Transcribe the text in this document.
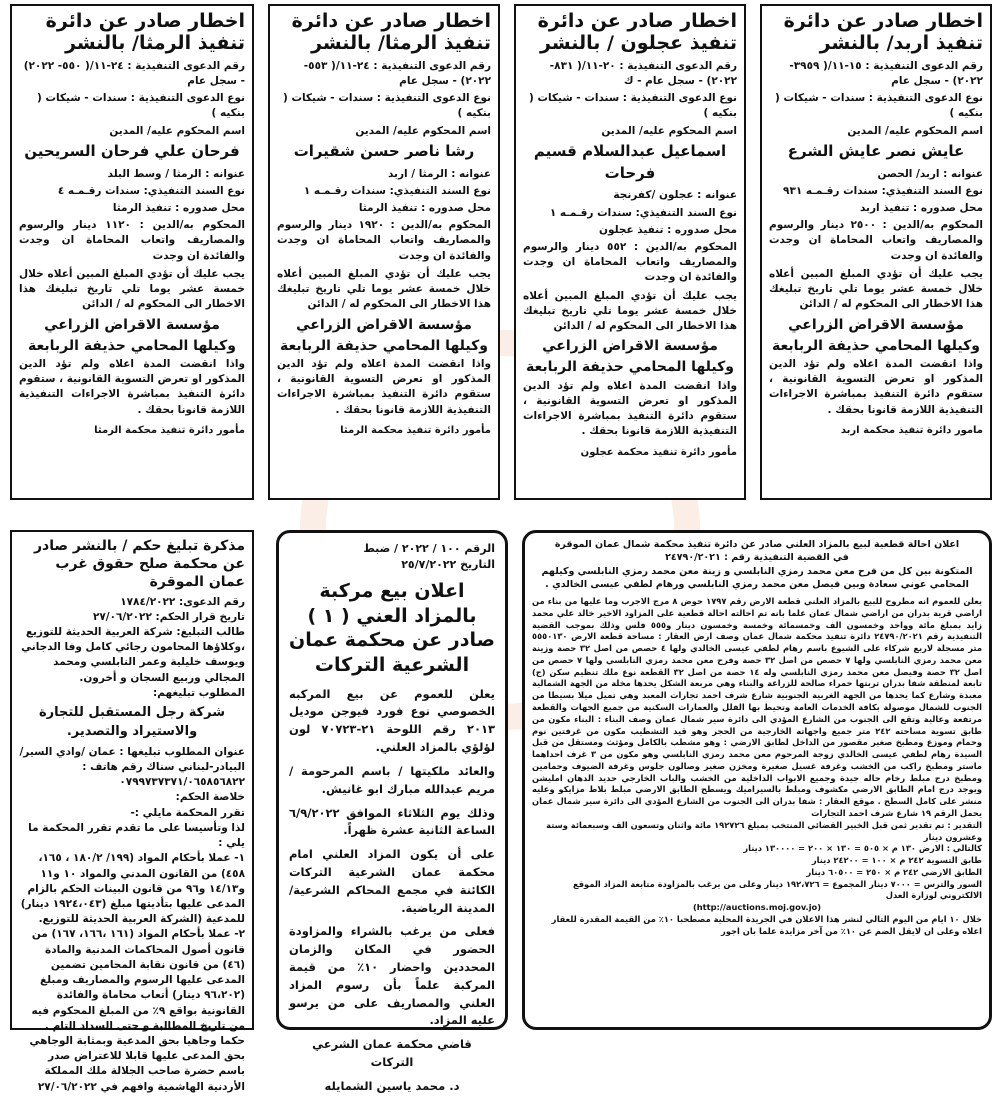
اخطار صادر عن دائرة تنفيذ اربد/ بالنشر
رقم الدعوى التنفيذية : ١٥-١١/( ٣٩٥٩- ٢٠٢٢) - سجل عام
نوع الدعوى التنفيذية : سندات - شيكات ( بنكيه )
اسم المحكوم عليه/ المدين
عايش نصر عايش الشرع
عنوانه : اربد/ الحصن
نوع السند التنفيذي: سندات رقـمـه ٩٣١
محل صدوره : تنفيذ اربد
المحكوم به/الدين : ٢٥٠٠ دينار والرسوم والمصاريف واتعاب المحاماة ان وجدت والفائدة ان وجدت
يجب عليك أن تؤدي المبلغ المبين أعلاه خلال خمسة عشر يوما تلي تاريخ تبليغك هذا الاخطار الى المحكوم له / الدائن
مؤسسة الاقراض الزراعي
وكيلها المحامي حذيفة الربابعة
واذا انقضت المدة اعلاه ولم تؤد الدين المذكور او تعرض التسوية القانونية ، ستقوم دائرة التنفيذ بمباشرة الاجراءات التنفيذية اللازمة قانونا بحقك .
مامور دائرة تنفيذ محكمة اربد
اخطار صادر عن دائرة تنفيذ عجلون / بالنشر
رقم الدعوى التنفيذية : ٢٠-١١/( ٨٣١- ٢٠٢٢) - سجل عام - ك
نوع الدعوى التنفيذية : سندات - شيكات ( بنكيه )
اسم المحكوم عليه/ المدين
اسماعيل عبدالسلام قسيم فرحات
عنوانه : عجلون /كفرنجة
نوع السند التنفيذي: سندات رقـمـه ١
محل صدوره : تنفيذ عجلون
المحكوم به/الدين : ٥٥٢ دينار والرسوم والمصاريف واتعاب المحاماة ان وجدت والفائدة ان وجدت
يجب عليك أن تؤدي المبلغ المبين أعلاه خلال خمسة عشر يوما تلي تاريخ تبليغك هذا الاخطار الى المحكوم له / الدائن
مؤسسة الاقراض الزراعي
وكيلها المحامي حذيفة الربابعة
واذا انقضت المدة اعلاه ولم تؤد الدين المذكور او تعرض التسوية القانونية ، ستقوم دائرة التنفيذ بمباشرة الاجراءات التنفيذية اللازمة قانونا بحقك .
مأمور دائرة تنفيذ محكمة عجلون
اخطار صادر عن دائرة تنفيذ الرمثا/ بالنشر
رقم الدعوى التنفيذية : ٢٤-١١/( ٥٥٣- ٢٠٢٢) - سجل عام
نوع الدعوى التنفيذية : سندات - شيكات ( بنكيه )
اسم المحكوم عليه/ المدين
رشا ناصر حسن شقيرات
عنوانه : الرمثا / اربد
نوع السند التنفيذي: سندات رقـمـه ١
محل صدوره : تنفيذ الرمثا
المحكوم به/الدين : ١٩٢٠ دينار والرسوم والمصاريف واتعاب المحاماة ان وجدت والفائدة ان وجدت
يجب عليك أن تؤدي المبلغ المبين أعلاه خلال خمسة عشر يوما تلي تاريخ تبليغك هذا الاخطار الى المحكوم له / الدائن
مؤسسة الاقراض الزراعي
وكيلها المحامي حذيفة الربابعة
واذا انقضت المدة اعلاه ولم تؤد الدين المذكور او تعرض التسوية القانونية ، ستقوم دائرة التنفيذ بمباشرة الاجراءات التنفيذية اللازمة قانونا بحقك .
مأمور دائرة تنفيذ محكمة الرمثا
اخطار صادر عن دائرة تنفيذ الرمثا/ بالنشر
رقم الدعوى التنفيذية : ٢٤-١١/( ٥٥٠- ٢٠٢٢) - سجل عام
نوع الدعوى التنفيذية : سندات - شيكات ( بنكيه )
اسم المحكوم عليه/ المدين
فرحان علي فرحان السريحين
عنوانه : الرمثا / وسط البلد
نوع السند التنفيذي: سندات رقـمـه ٤
محل صدوره : تنفيذ الرمثا
المحكوم به/الدين : ١١٢٠ دينار والرسوم والمصاريف واتعاب المحاماة ان وجدت والفائدة ان وجدت
يجب عليك أن تؤدي المبلغ المبين أعلاه خلال خمسة عشر يوما تلي تاريخ تبليغك هذا الاخطار الى المحكوم له / الدائن
مؤسسة الاقراض الزراعي
وكيلها المحامي حذيفة الربابعة
واذا انقضت المدة اعلاه ولم تؤد الدين المذكور او تعرض التسوية القانونية ، ستقوم دائرة التنفيذ بمباشرة الاجراءات التنفيذية اللازمة قانونا بحقك .
مأمور دائرة تنفيذ محكمة الرمثا
اعلان احالة قطعية لبيع بالمزاد العلني صادر عن دائرة تنفيذ محكمة شمال عمان الموقرة
في القضية التنفيذية رقم : ٢٤٧٩٠/٢٠٢١
المتكونة بين كل من فرح معن محمد رمزي النابلسي و زينة معن محمد رمزي النابلسي وكيلهم المحامي عوني سعادة وبين فيصل معن محمد رمزي النابلسي ورهام لطفي عيسى الخالدي .
يعلن للعموم انه مطروح للبيع بالمزاد العلني قطعة الارض رقم ١٧٩٧ حوض ٨ مرج الاجرب وما عليها من بناء من اراضي قرية بدران من اراضي شمال عمان علما بانه تم احالته احالة قطعية على المزاود الاخير خالد علي محمد زايد بمبلغ مائة وواحد وخمسون الف وخمسمائة وخمسة وخمسون دينار و٥٥٥ فلس وذلك بموجب القضية التنفيذية رقم ٢٤٧٩٠/٢٠٢١ دائرة تنفيذ محكمة شمال عمان وصف ارض العقار : مساحة قطعة الارض ٥٥٥٠١٣٠ متر مسجلة لاربع شركاء على الشيوع باسم رهام لطفي عيسى الخالدي ولها ٤ حصص من اصل ٣٢ حصة وزينة معن محمد رمزي النابلسي ولها ٧ حصص من اصل ٣٢ حصة وفرح معن محمد رمزي النابلسي ولها ٧ حصص من اصل ٣٢ حصة وفيصل معن محمد رمزي النابلسي وله ١٤ حصة من اصل ٣٢ القطعة نوع ملك تنظيم سكن (ج) تابعة لمنطقة شفا بدران تربتها حمراء صالحة للزراعة والبناء وهي مربعة الشكل يحدها مخلة من الجهة الشمالية معبدة وشارع كما يحدها من الجهة الغربية الجنوبية شارع شرف احمد تجارات المعبد وهي تميل ميلا بسيطا من الجنوب للشمال موصولة بكافة الخدمات العامة وتحيط بها الفلل والعمارات السكنية من جميع الجهات والقطعة مرتفعة وعالية وتقع الى الجنوب من الشارع المؤدي الى دائرة سير شمال عمان وصف البناء : البناء مكون من طابق تسوية مساحته ٢٤٢ متر جميع واجهاته الخارجية من الحجر وهو قيد التشطيب مكون من غرفتين نوم وحمام وموزع ومطبخ صغير مقصور من الداخل لطابق الارضي : وهو مشطب بالكامل ومؤثث ومستقل من قبل السيدة رهام لطفي عيسى الخالدي زوجة المرحوم معن محمد رمزي النابلسي وهو مكون من ٣ غرف احداهما ماستر ومطبخ راكب من الخشب وغرفة غسيل صغيرة ومخزن صغير وصالون جلوس وغرفة الضيوف وحمامين ومطبخ درج مبلط رخام حاله جيدة وجميع الابواب الداخلية من الخشب والباب الخارجي حديد الدهان امليشن ويوجد درج امام الطابق الارضي مكشوف ومبلط بالسيراميك ويسطح الطابق الارضي مبلط بلاط مزايكو وعليه منشر على كامل السطح . موقع العقار : شفا بدران الى الجنوب من الشارع المؤدي الى دائرة سير شمال عمان يحمل الرقم ١٩ شارع شرف احمد التجارات
التقدير : تم تقدير ثمن قبل الخبير القضائي المنتخب بمبلغ ١٩٢٧٢٦ مائة واثنان وتسعون الف وسبعمائة وستة وعشرون دينار
كالتالي : الارض ١٣٠ م × ٥٠٥ = ١٣٠ × ٢٠٠ = ١٣٠٠٠٠ دينار
طابق التسوية ٢٤٢ م × ١٠٠ = ٢٤٢٠٠ دينار
الطابق الارضي ٢٤٢ م × ٢٥٠ = ٦٠٥٠٠ دينار
السور والترس = ٧٠٠٠ دينار المجموع = ١٩٢،٧٢٦ دينار وعلى من يرغب بالمزاودة متابعة المزاد الموقع الالكتروني لوزارة العدل
(http://auctions.moj.gov.jo)
خلال ١٠ ايام من اليوم التالي لنشر هذا الاعلان في الجريدة المحلية مصطحبا ١٠٪ من القيمة المقدرة للعقار اعلاه وعلى ان لايقل الضم عن ١٠٪ من آخر مزايدة علما بان اجور
الرقم ١٠٠ / ٢٠٢٢ / ضبط
التاريخ ٢٥/٧/٢٠٢٢
اعلان بيع مركبة بالمزاد العني ( ١ ) صادر عن محكمة عمان الشرعية التركات
يعلن للعموم عن بيع المركبه الخصوصي نوع فورد فيوجن موديل ٢٠١٣ رقم اللوحة ٢١-٧٠٧٢٣ لون لؤلؤي بالمزاد العلني.
والعائد ملكيتها / باسم المرحومة /مريم عبدالله مبارك ابو غانيش.
وذلك يوم الثلاثاء الموافق ٦/٩/٢٠٢٢ الساعة الثانية عشرة ظهراً.
على أن يكون المزاد العلني امام محكمة عمان الشرعية التركات الكائنة في مجمع المحاكم الشرعية/ المدينة الرياضية.
فعلى من يرغب بالشراء والمزاودة الحضور في المكان والزمان المحددين واحضار ١٠٪ من قيمة المركبة علماً بأن رسوم المزاد العلني والمصاريف على من يرسو عليه المزاد.
قاضي محكمة عمان الشرعي التركات
د. محمد ياسين الشمايله
مذكرة تبليغ حكم / بالنشر صادر عن محكمة صلح حقوق غرب عمان الموقرة
رقم الدعوى: ١٧٨٤/٢٠٢٢
تاريخ قرار الحكم: ٢٧/٠٦/٢٠٢٢
طالب التبليغ: شركة العربية الحديثة للتوزيع ،وكلاؤها المحامون رجائي كامل وفا الدجاني ويوسف خليلية وعمر النابلسي ومحمد المجالي وربيع السجان و أخرون.
المطلوب تبليغهم:
شركة رجل المستقبل للتجارة والاستيراد والتصدير.
عنوان المطلوب تبليغها : عمان /وادي السير/البيادر-لبناني سناك رقم هاتف : ٠٧٩٩٧٣٧٣٧١/٠٦٥٨٥٦٨٢٢
خلاصة الحكم:
تقرر المحكمة مايلي :-
لذا وتأسيسا على ما تقدم تقرر المحكمة ما يلي :
١- عملا بأحكام المواد (١٩٩/ ١٨٠/٢ ، ١٦٥، ٤٥٨) من القانون المدني والمواد ١٠ و١١ و١٤/١٣ و٩٦ من قانون البينات الحكم بالزام المدعى عليها بتأديتها مبلغ (١٩٢٤،٠٤٣ دينار) للمدعية (الشركة العربية الحديثة للتوزيع.
٢- عملا بأحكام المواد (١٦١ ،١٦٦، ١٦٧) من قانون أصول المحاكمات المدنية والمادة (٤٦) من قانون نقابة المحامين تضمين المدعى عليها الرسوم والمصاريف ومبلغ (٩٦،٢٠٢ دينار) أتعاب محاماة والفائدة القانونية بواقع ٩٪ من المبلغ المحكوم فيه من تاريخ المطالبة و حتى السداد التام .
حكما وجاهيا بحق المدعية وبمثابة الوجاهي بحق المدعى عليها قابلا للاعتراض صدر باسم حضرة صاحب الجلالة ملك المملكة الأردنية الهاشمية وافهم في ٢٧/٠٦/٢٠٢٢
